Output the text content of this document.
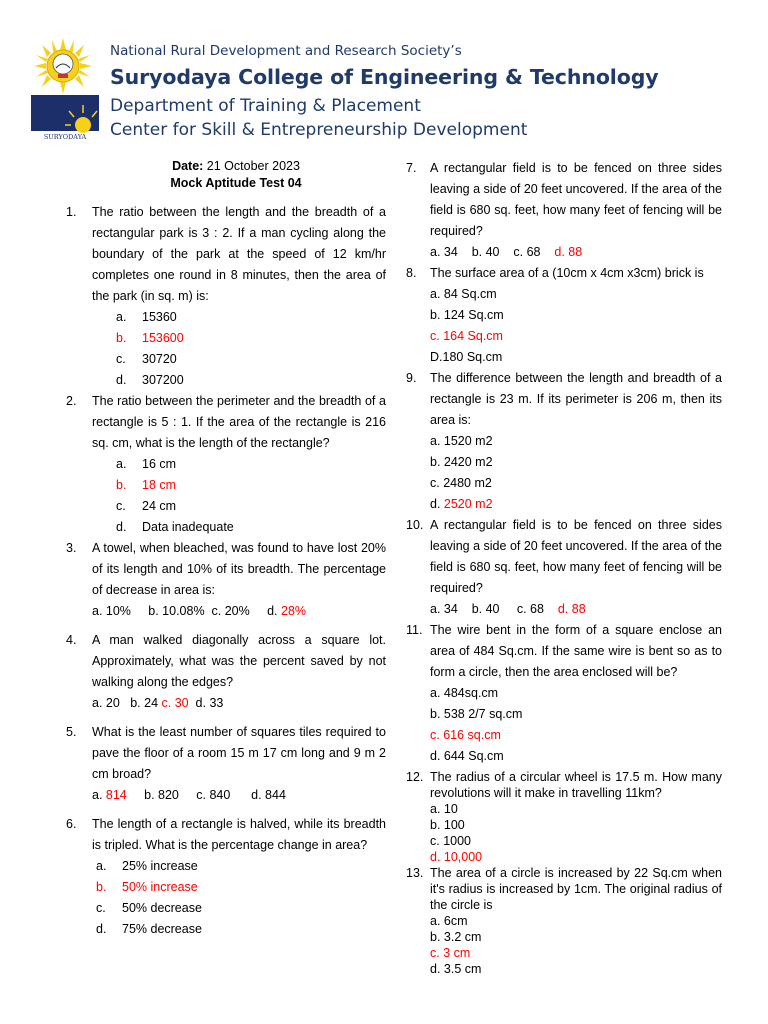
SURYODAYA
National Rural Development and Research Society’s
Suryodaya College of Engineering & Technology
Department of Training & Placement
Center for Skill & Entrepreneurship Development
Date: 21 October 2023
Mock Aptitude Test 04
1. The ratio between the length and the breadth of a rectangular park is 3 : 2. If a man cycling along the boundary of the park at the speed of 12 km/hr completes one round in 8 minutes, then the area of the park (in sq. m) is:
a. 15360
b. 153600
c. 30720
d. 307200
2. The ratio between the perimeter and the breadth of a rectangle is 5 : 1. If the area of the rectangle is 216 sq. cm, what is the length of the rectangle?
a. 16 cm
b. 18 cm
c. 24 cm
d. Data inadequate
3. A towel, when bleached, was found to have lost 20% of its length and 10% of its breadth. The percentage of decrease in area is:
a. 10%     b. 10.08%  c. 20%     d. 28%
4. A man walked diagonally across a square lot. Approximately, what was the percent saved by not walking along the edges?
a. 20   b. 24 c. 30  d. 33
5. What is the least number of squares tiles required to pave the floor of a room 15 m 17 cm long and 9 m 2 cm broad?
a. 814     b. 820     c. 840      d. 844
6. The length of a rectangle is halved, while its breadth is tripled. What is the percentage change in area?
a. 25% increase
b. 50% increase
c. 50% decrease
d. 75% decrease
7. A rectangular field is to be fenced on three sides leaving a side of 20 feet uncovered. If the area of the field is 680 sq. feet, how many feet of fencing will be required?
a. 34    b. 40    c. 68    d. 88
8. The surface area of a (10cm x 4cm x3cm) brick is
a. 84 Sq.cm
b. 124 Sq.cm
c. 164 Sq.cm
D.180 Sq.cm
9. The difference between the length and breadth of a rectangle is 23 m. If its perimeter is 206 m, then its area is:
a. 1520 m2
b. 2420 m2
c. 2480 m2
d. 2520 m2
10. A rectangular field is to be fenced on three sides leaving a side of 20 feet uncovered. If the area of the field is 680 sq. feet, how many feet of fencing will be required?
a. 34    b. 40     c. 68    d. 88
11. The wire bent in the form of a square enclose an area of 484 Sq.cm. If the same wire is bent so as to form a circle, then the area enclosed will be?
a. 484sq.cm
b. 538 2/7 sq.cm
c. 616 sq.cm
d. 644 Sq.cm
12. The radius of a circular wheel is 17.5 m. How many revolutions will it make in travelling 11km?
a. 10
b. 100
c. 1000
d. 10,000
13. The area of a circle is increased by 22 Sq.cm when it's radius is increased by 1cm. The original radius of the circle is
a. 6cm
b. 3.2 cm
c. 3 cm
d. 3.5 cm
